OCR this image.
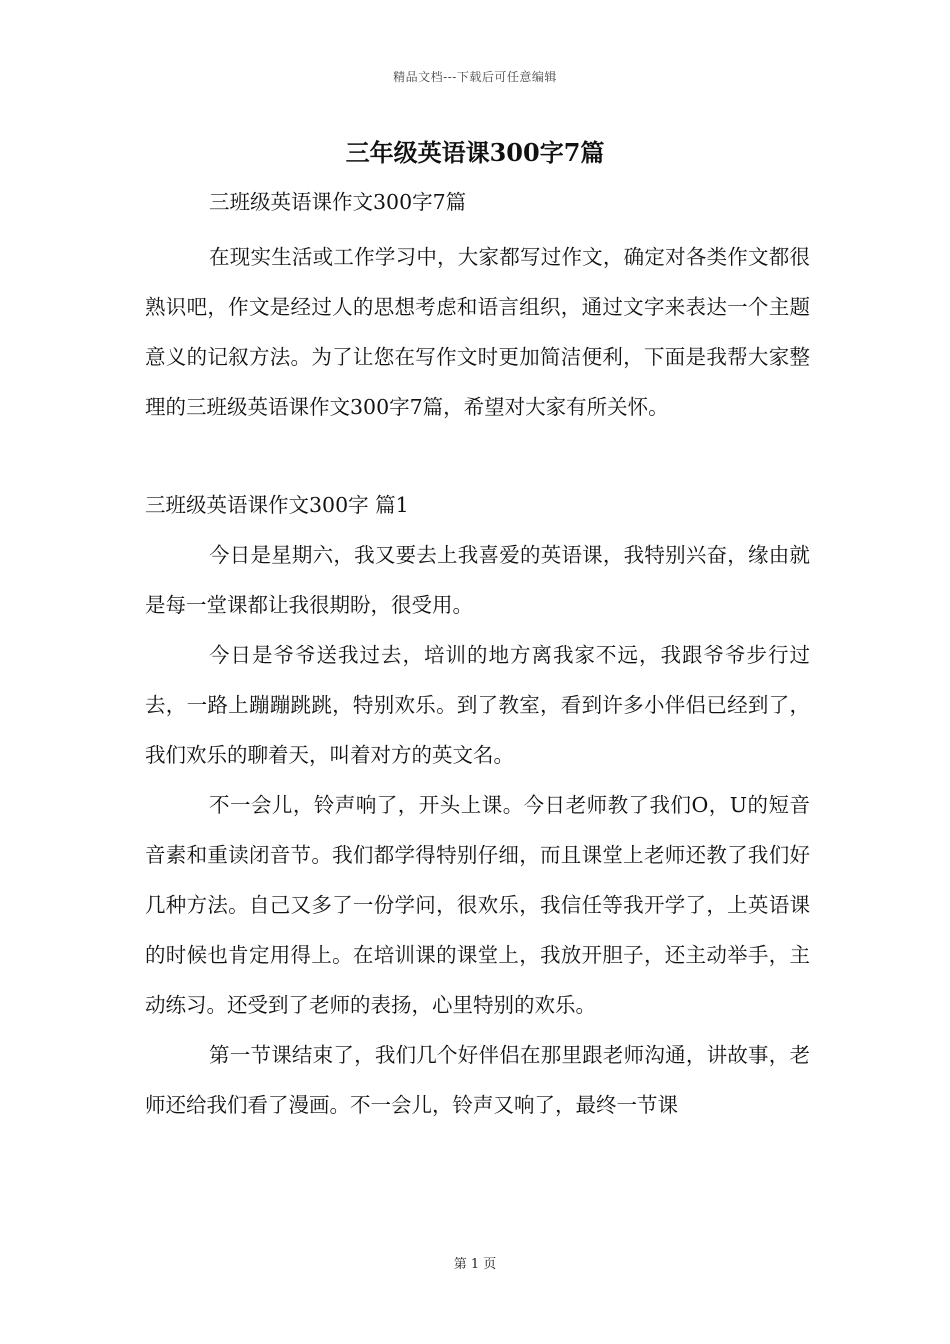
精品文档---下载后可任意编辑
三年级英语课300字7篇

三班级英语课作文300字7篇

在现实生活或工作学习中，大家都写过作文，确定对各类作文都很熟识吧，作文是经过人的思想考虑和语言组织，通过文字来表达一个主题意义的记叙方法。为了让您在写作文时更加简洁便利，下面是我帮大家整理的三班级英语课作文300字7篇，希望对大家有所关怀。

三班级英语课作文300字 篇1

今日是星期六，我又要去上我喜爱的英语课，我特别兴奋，缘由就是每一堂课都让我很期盼，很受用。

今日是爷爷送我过去，培训的地方离我家不远，我跟爷爷步行过去，一路上蹦蹦跳跳，特别欢乐。到了教室，看到许多小伴侣已经到了，我们欢乐的聊着天，叫着对方的英文名。

不一会儿，铃声响了，开头上课。今日老师教了我们O，U的短音音素和重读闭音节。我们都学得特别仔细，而且课堂上老师还教了我们好几种方法。自己又多了一份学问，很欢乐，我信任等我开学了，上英语课的时候也肯定用得上。在培训课的课堂上，我放开胆子，还主动举手，主动练习。还受到了老师的表扬，心里特别的欢乐。

第一节课结束了，我们几个好伴侣在那里跟老师沟通，讲故事，老师还给我们看了漫画。不一会儿，铃声又响了，最终一节课

第 1 页
